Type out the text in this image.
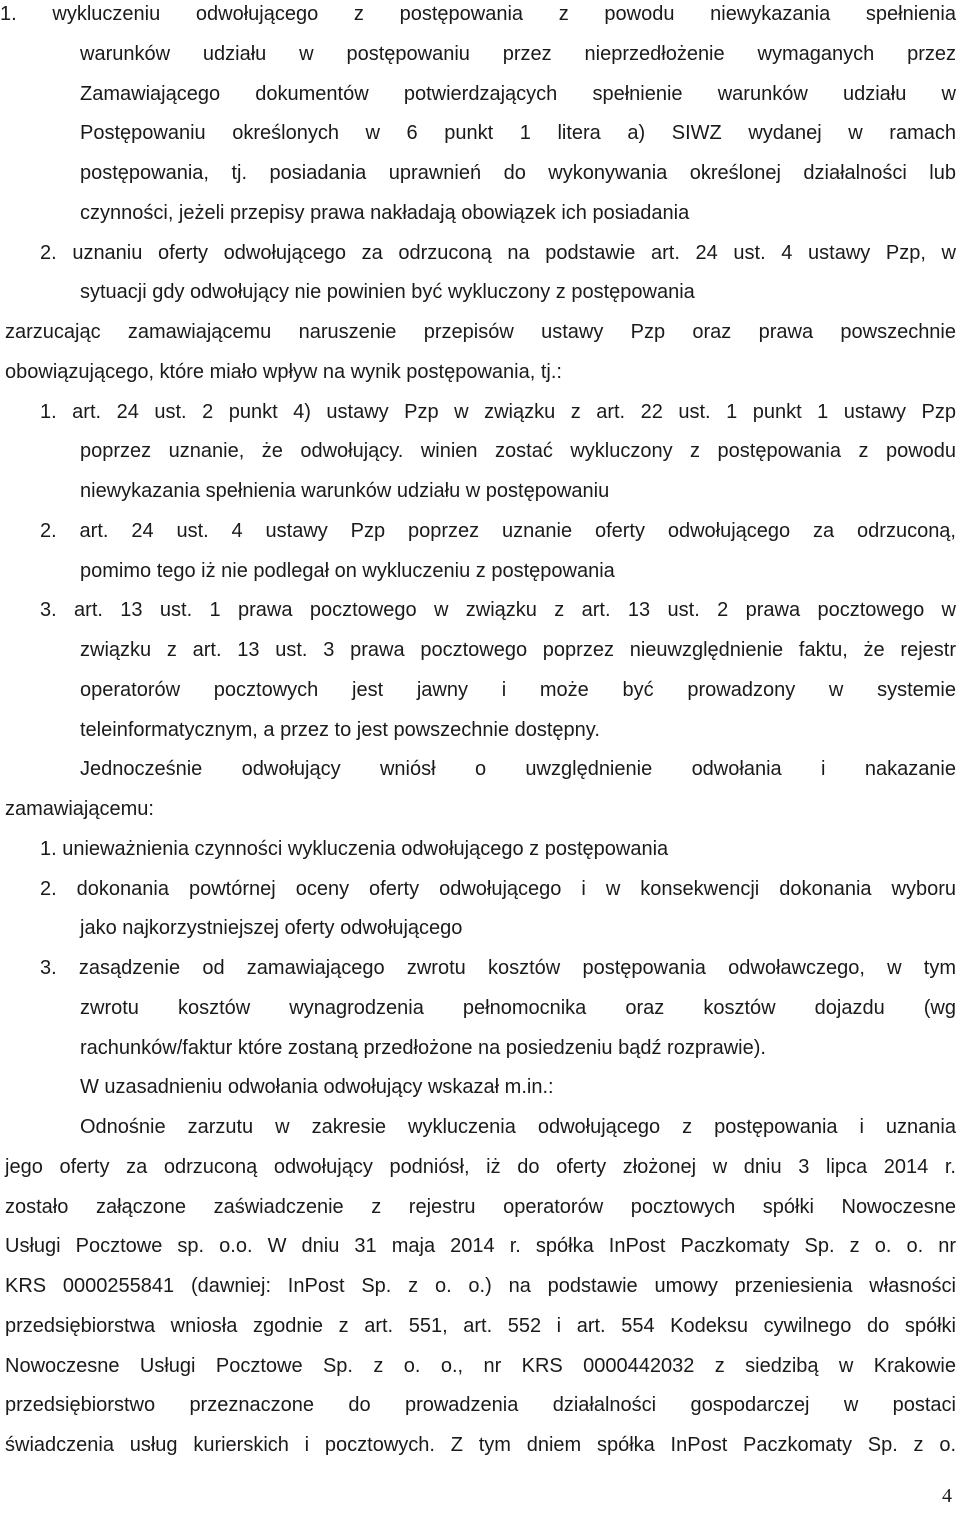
1. wykluczeniu odwołującego z postępowania z powodu niewykazania spełnienia
warunków udziału w postępowaniu przez nieprzedłożenie wymaganych przez
Zamawiającego dokumentów potwierdzających spełnienie warunków udziału w
Postępowaniu określonych w 6 punkt 1 litera a) SIWZ wydanej w ramach
postępowania, tj. posiadania uprawnień do wykonywania określonej działalności lub
czynności, jeżeli przepisy prawa nakładają obowiązek ich posiadania
2. uznaniu oferty odwołującego za odrzuconą na podstawie art. 24 ust. 4 ustawy Pzp, w
sytuacji gdy odwołujący nie powinien być wykluczony z postępowania
zarzucając zamawiającemu naruszenie przepisów ustawy Pzp oraz prawa powszechnie
obowiązującego, które miało wpływ na wynik postępowania, tj.:
1. art. 24 ust. 2 punkt 4) ustawy Pzp w związku z art. 22 ust. 1 punkt 1 ustawy Pzp
poprzez uznanie, że odwołujący. winien zostać wykluczony z postępowania z powodu
niewykazania spełnienia warunków udziału w postępowaniu
2. art. 24 ust. 4 ustawy Pzp poprzez uznanie oferty odwołującego za odrzuconą,
pomimo tego iż nie podlegał on wykluczeniu z postępowania
3. art. 13 ust. 1 prawa pocztowego w związku z art. 13 ust. 2 prawa pocztowego w
związku z art. 13 ust. 3 prawa pocztowego poprzez nieuwzględnienie faktu, że rejestr
operatorów pocztowych jest jawny i może być prowadzony w systemie
teleinformatycznym, a przez to jest powszechnie dostępny.
Jednocześnie odwołujący wniósł o uwzględnienie odwołania i nakazanie
zamawiającemu:
1. unieważnienia czynności wykluczenia odwołującego z postępowania
2. dokonania powtórnej oceny oferty odwołującego i w konsekwencji dokonania wyboru
jako najkorzystniejszej oferty odwołującego
3. zasądzenie od zamawiającego zwrotu kosztów postępowania odwoławczego, w tym
zwrotu kosztów wynagrodzenia pełnomocnika oraz kosztów dojazdu (wg
rachunków/faktur które zostaną przedłożone na posiedzeniu bądź rozprawie).
W uzasadnieniu odwołania odwołujący wskazał m.in.:
Odnośnie zarzutu w zakresie wykluczenia odwołującego z postępowania i uznania
jego oferty za odrzuconą odwołujący podniósł, iż do oferty złożonej w dniu 3 lipca 2014 r.
zostało załączone zaświadczenie z rejestru operatorów pocztowych spółki Nowoczesne
Usługi Pocztowe sp. o.o. W dniu 31 maja 2014 r. spółka InPost Paczkomaty Sp. z o. o. nr
KRS 0000255841 (dawniej: InPost Sp. z o. o.) na podstawie umowy przeniesienia własności
przedsiębiorstwa wniosła zgodnie z art. 551, art. 552 i art. 554 Kodeksu cywilnego do spółki
Nowoczesne Usługi Pocztowe Sp. z o. o., nr KRS 0000442032 z siedzibą w Krakowie
przedsiębiorstwo przeznaczone do prowadzenia działalności gospodarczej w postaci
świadczenia usług kurierskich i pocztowych. Z tym dniem spółka InPost Paczkomaty Sp. z o.
4
